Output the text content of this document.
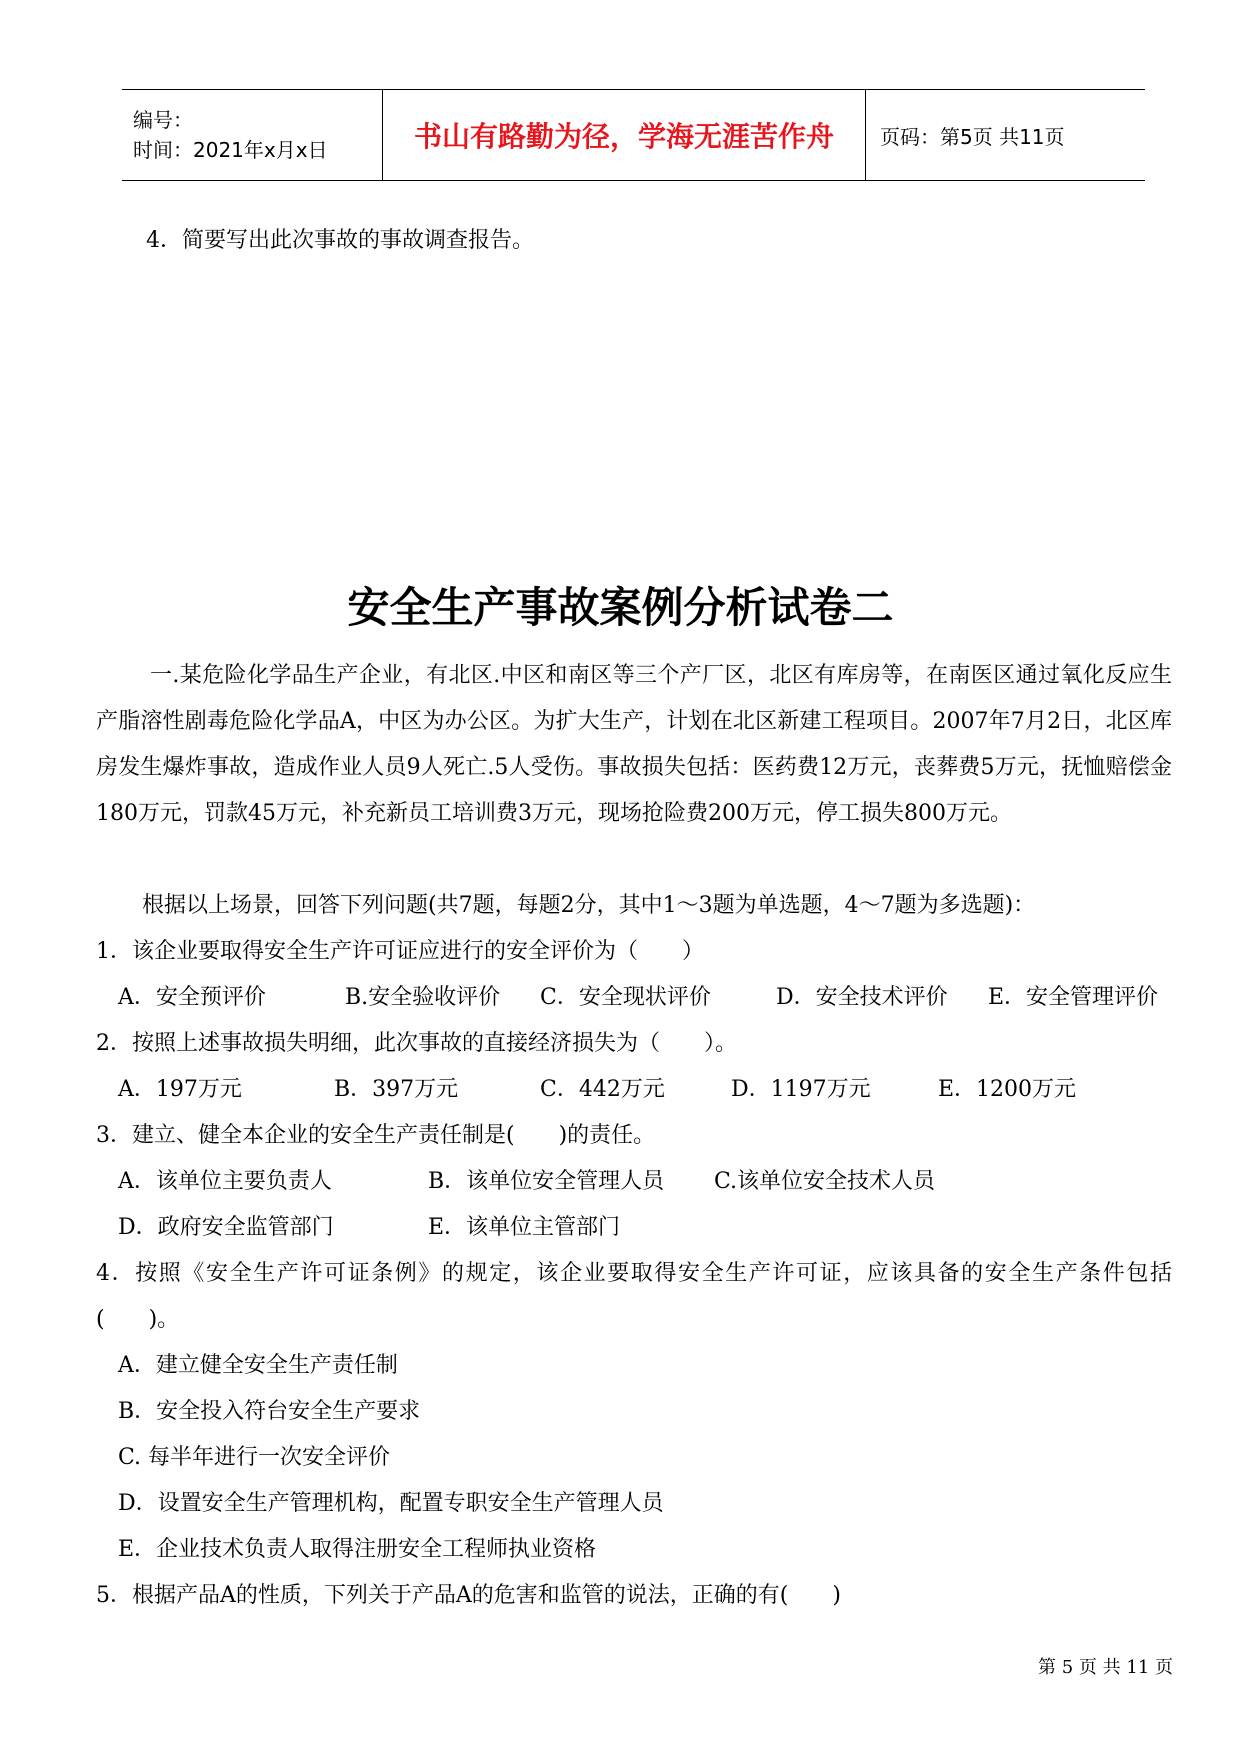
编号：
时间：2021年x月x日	书山有路勤为径，学海无涯苦作舟 页码：第5页 共11页
4．简要写出此次事故的事故调查报告。
安全生产事故案例分析试卷二
一.某危险化学品生产企业，有北区.中区和南区等三个产厂区，北区有库房等，在南医区通过氧化反应生产脂溶性剧毒危险化学品A，中区为办公区。为扩大生产，计划在北区新建工程项目。2007年7月2日，北区库房发生爆炸事故，造成作业人员9人死亡.5人受伤。事故损失包括：医药费12万元，丧葬费5万元，抚恤赔偿金180万元，罚款45万元，补充新员工培训费3万元，现场抢险费200万元，停工损失800万元。
根据以上场景，回答下列问题(共7题，每题2分，其中1～3题为单选题，4～7题为多选题)：
1．该企业要取得安全生产许可证应进行的安全评价为（　　）
A．安全预评价	B.安全验收评价 C．安全现状评价	D．安全技术评价 E．安全管理评价
2．按照上述事故损失明细，此次事故的直接经济损失为（　　）。
A．197万元	B．397万元	C．442万元	D．1197万元	E．1200万元
3．建立、健全本企业的安全生产责任制是(　　)的责任。
A．该单位主要负责人	B．该单位安全管理人员 C.该单位安全技术人员
D．政府安全监管部门	E．该单位主管部门
4．按照《安全生产许可证条例》的规定，该企业要取得安全生产许可证，应该具备的安全生产条件包括(　　)。
A．建立健全安全生产责任制
B．安全投入符台安全生产要求
C. 每半年进行一次安全评价
D．设置安全生产管理机构，配置专职安全生产管理人员
E．企业技术负责人取得注册安全工程师执业资格
5．根据产品A的性质，下列关于产品A的危害和监管的说法，正确的有(　　)
第 5 页 共 11 页
